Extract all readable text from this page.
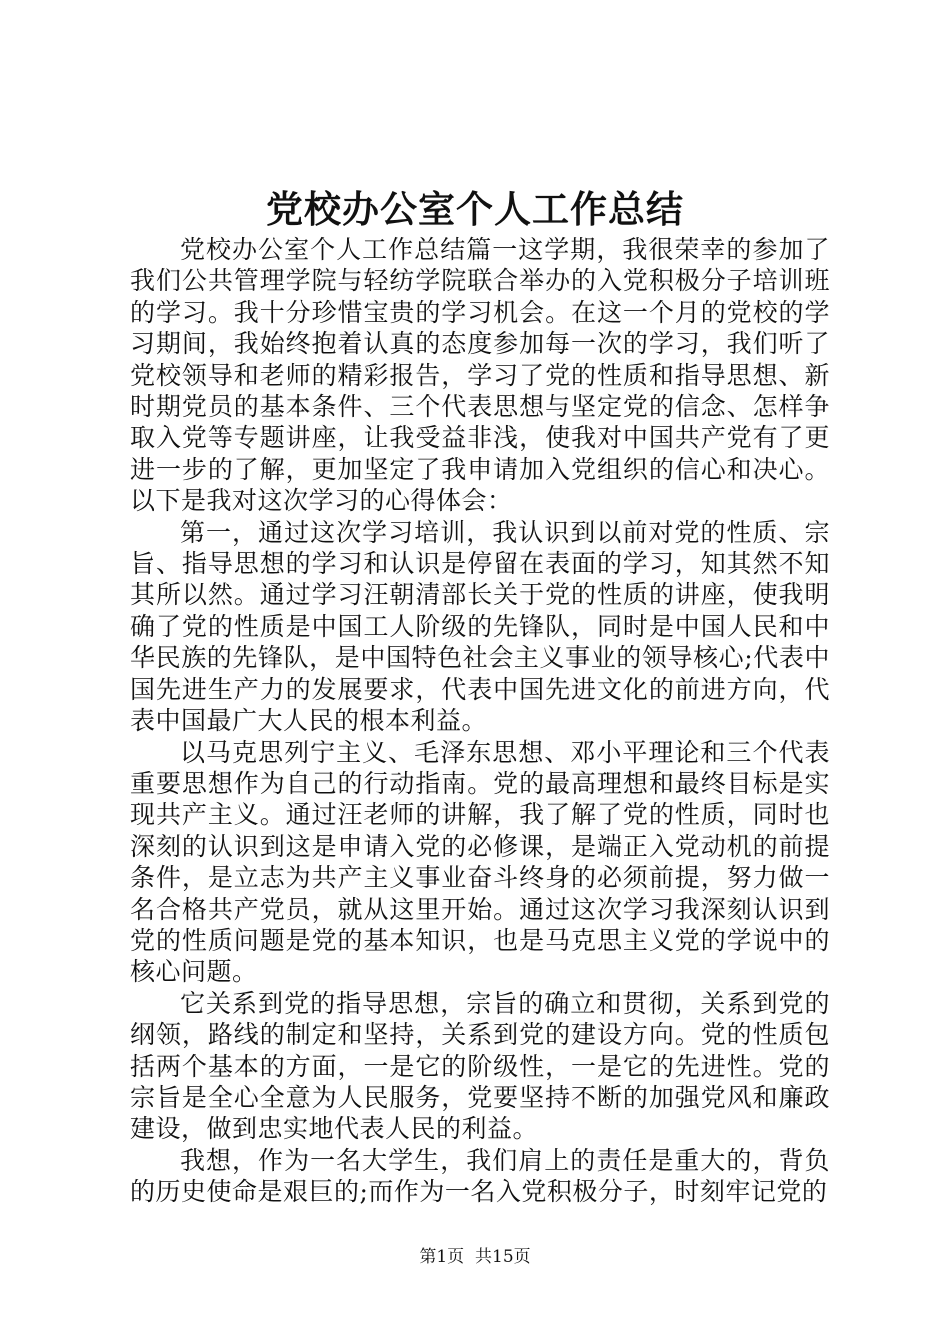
党校办公室个人工作总结

党校办公室个人工作总结篇一这学期，我很荣幸的参加了我们公共管理学院与轻纺学院联合举办的入党积极分子培训班的学习。我十分珍惜宝贵的学习机会。在这一个月的党校的学习期间，我始终抱着认真的态度参加每一次的学习，我们听了党校领导和老师的精彩报告，学习了党的性质和指导思想、新时期党员的基本条件、三个代表思想与坚定党的信念、怎样争取入党等专题讲座，让我受益非浅，使我对中国共产党有了更进一步的了解，更加坚定了我申请加入党组织的信心和决心。以下是我对这次学习的心得体会：

第一，通过这次学习培训，我认识到以前对党的性质、宗旨、指导思想的学习和认识是停留在表面的学习，知其然不知其所以然。通过学习汪朝清部长关于党的性质的讲座，使我明确了党的性质是中国工人阶级的先锋队，同时是中国人民和中华民族的先锋队，是中国特色社会主义事业的领导核心;代表中国先进生产力的发展要求，代表中国先进文化的前进方向，代表中国最广大人民的根本利益。

以马克思列宁主义、毛泽东思想、邓小平理论和三个代表重要思想作为自己的行动指南。党的最高理想和最终目标是实现共产主义。通过汪老师的讲解，我了解了党的性质，同时也深刻的认识到这是申请入党的必修课，是端正入党动机的前提条件，是立志为共产主义事业奋斗终身的必须前提，努力做一名合格共产党员，就从这里开始。通过这次学习我深刻认识到党的性质问题是党的基本知识，也是马克思主义党的学说中的核心问题。

它关系到党的指导思想，宗旨的确立和贯彻，关系到党的纲领，路线的制定和坚持，关系到党的建设方向。党的性质包括两个基本的方面，一是它的阶级性，一是它的先进性。党的宗旨是全心全意为人民服务，党要坚持不断的加强党风和廉政建设，做到忠实地代表人民的利益。

我想，作为一名大学生，我们肩上的责任是重大的，背负的历史使命是艰巨的;而作为一名入党积极分子，时刻牢记党的

第1页 共15页
